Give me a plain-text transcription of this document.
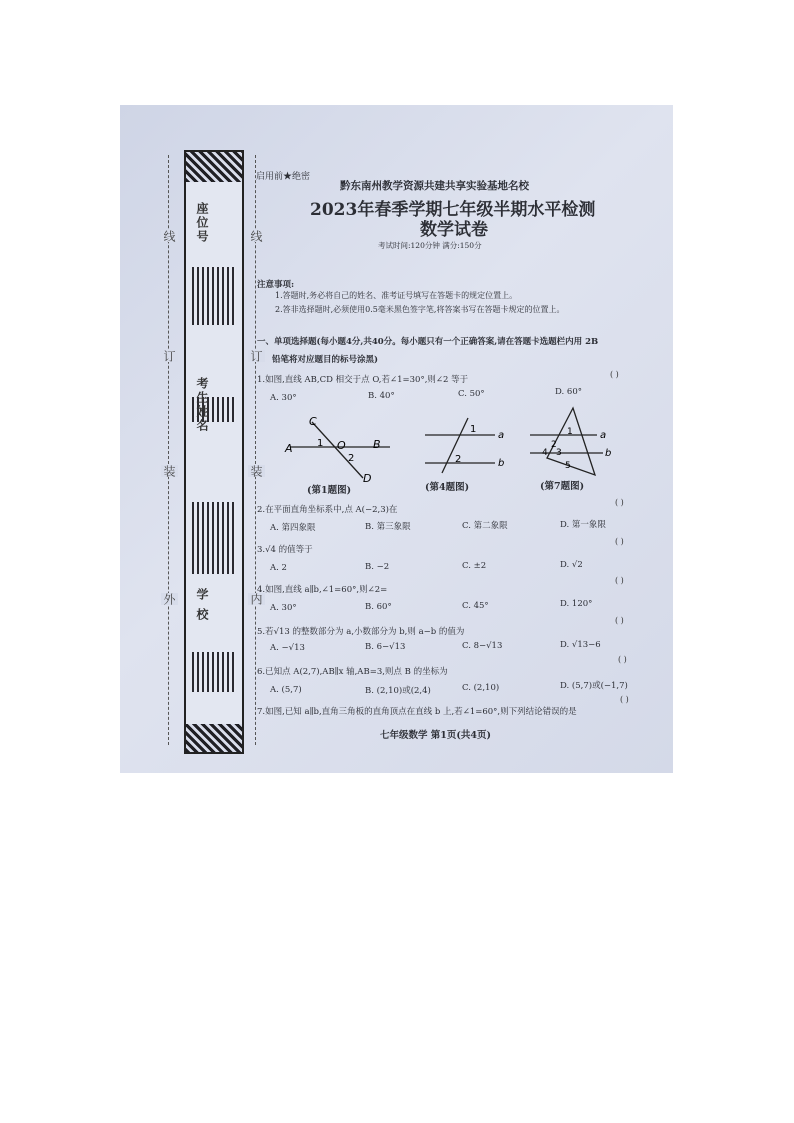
座位号
考生姓名
学 校
线
订
装
外
线
订
装
内
启用前★绝密
黔东南州教学资源共建共享实验基地名校
2023年春季学期七年级半期水平检测
数学试卷
考试时间:120分钟 满分:150分
注意事项:
1.答题时,务必将自己的姓名、准考证号填写在答题卡的规定位置上。
2.答非选择题时,必须使用0.5毫米黑色签字笔,将答案书写在答题卡规定的位置上。
一、单项选择题(每小题4分,共40分。每小题只有一个正确答案,请在答题卡选题栏内用 2B
铅笔将对应题目的标号涂黑)
1.如图,直线 AB,CD 相交于点 O,若∠1=30°,则∠2 等于
( )
A. 30°	B. 40°	C. 50°	D. 60°
A	B
C
D
O
1
2
(第1题图)
1
2
a
b
(第4题图)
1
2
3
4
5
a
b
(第7题图)
( )
2.在平面直角坐标系中,点 A(−2,3)在
A. 第四象限	B. 第三象限	C. 第二象限	D. 第一象限
( )
3.√4 的值等于
A. 2	B. −2	C. ±2	D. √2
( )
4.如图,直线 a∥b,∠1=60°,则∠2=
A. 30°	B. 60°	C. 45°	D. 120°
( )
5.若√13 的整数部分为 a,小数部分为 b,则 a−b 的值为
A. −√13	B. 6−√13	C. 8−√13	D. √13−6
( )
6.已知点 A(2,7),AB∥x 轴,AB=3,则点 B 的坐标为
A. (5,7)	B. (2,10)或(2,4)	C. (2,10)	D. (5,7)或(−1,7)
( )
7.如图,已知 a∥b,直角三角板的直角顶点在直线 b 上,若∠1=60°,则下列结论错误的是
七年级数学 第1页(共4页)
